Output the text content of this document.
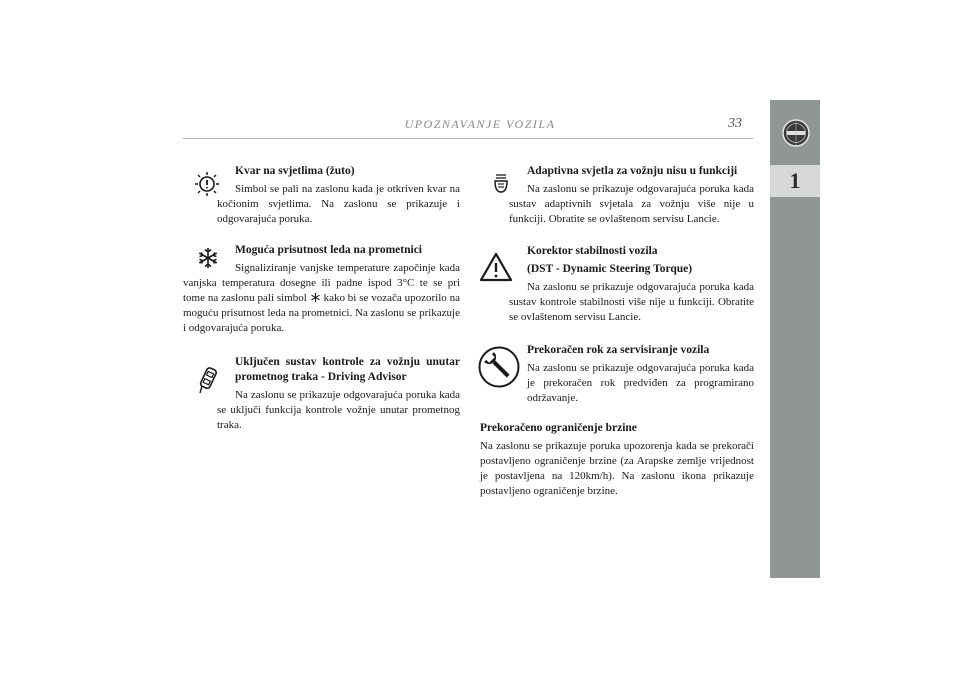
UPOZNAVANJE VOZILA	33
1
Kvar na svjetlima (žuto)

Simbol se pali na zaslonu kada je otkriven kvar na kočionim svjetlima. Na zaslonu se prikazuje i odgovarajuća poruka.

Moguća prisutnost leda na prometnici

Signaliziranje vanjske temperature započinje kada vanjska temperatura dosegne ili padne ispod 3°C te se pri tome na zaslonu pali simbol kako bi se vozača upozorilo na moguću prisutnost leda na prometnici. Na zaslonu se prikazuje i odgovarajuća poruka.

Uključen sustav kontrole za vožnju unutar prometnog traka - Driving Advisor

Na zaslonu se prikazuje odgovarajuća poruka kada se uključi funkcija kontrole vožnje unutar prometnog traka.

Adaptivna svjetla za vožnju nisu u funkciji

Na zaslonu se prikazuje odgovarajuća poruka kada sustav adaptivnih svjetala za vožnju više nije u funkciji. Obratite se ovlaštenom servisu Lancie.

Korektor stabilnosti vozila
(DST - Dynamic Steering Torque)

Na zaslonu se prikazuje odgovarajuća poruka kada sustav kontrole stabilnosti više nije u funkciji. Obratite se ovlaštenom servisu Lancie.

Prekoračen rok za servisiranje vozila

Na zaslonu se prikazuje odgovarajuća poruka kada je prekoračen rok predviđen za programirano održavanje.

Prekoračeno ograničenje brzine

Na zaslonu se prikazuje poruka upozorenja kada se prekorači postavljeno ograničenje brzine (za Arapske zemlje vrijednost je postavljena na 120km/h). Na zaslonu ikona prikazuje postavljeno ograničenje brzine.
